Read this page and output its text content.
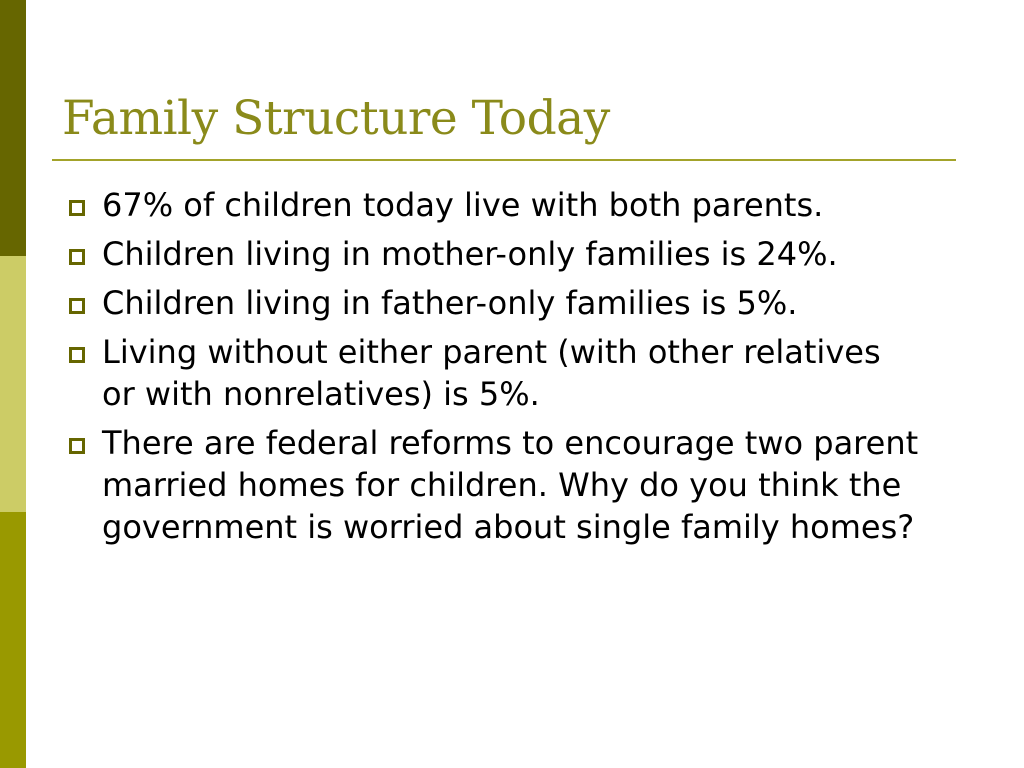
Family Structure Today
67% of children today live with both parents.
Children living in mother-only families is 24%.
Children living in father-only families is 5%.
Living without either parent (with other relatives or with nonrelatives) is 5%.
There are federal reforms to encourage two parent married homes for children. Why do you think the government is worried about single family homes?
